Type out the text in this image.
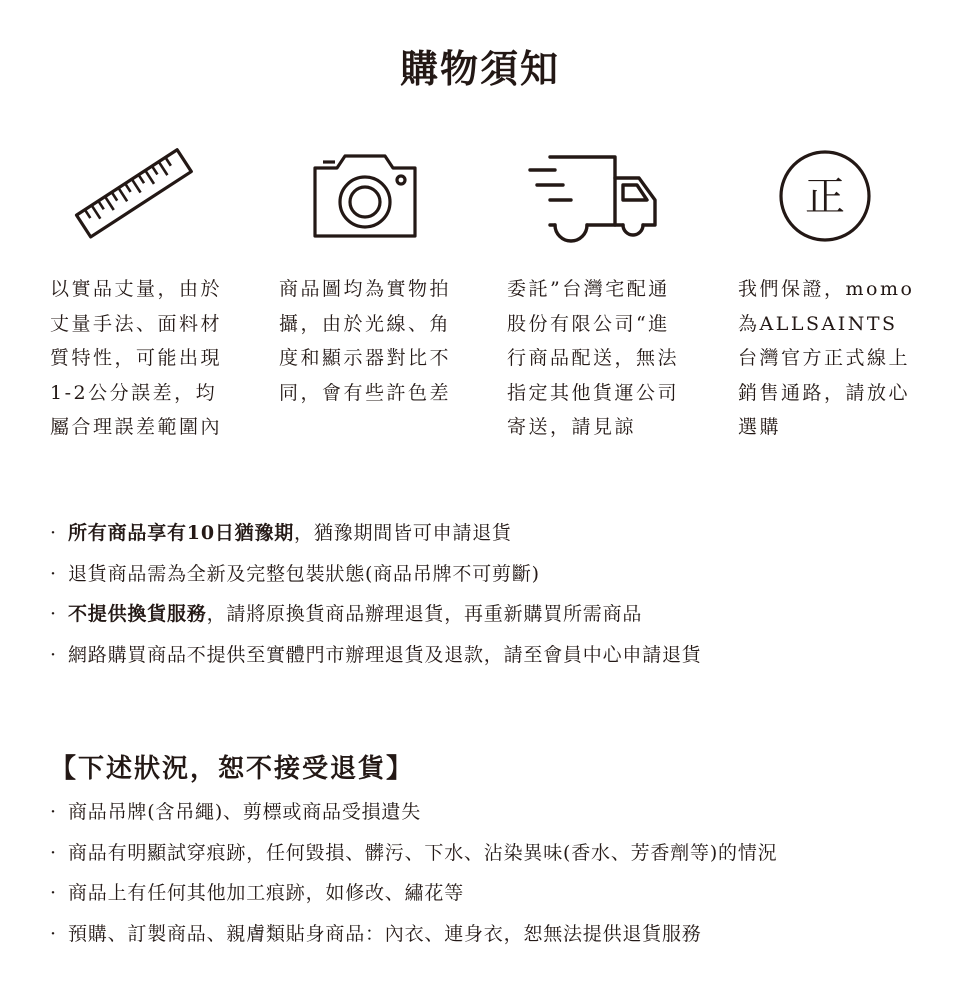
購物須知
正

以實品丈量，由於

丈量手法、面料材

質特性，可能出現

1-2公分誤差，均

屬合理誤差範圍內

商品圖均為實物拍

攝，由於光線、角

度和顯示器對比不

同，會有些許色差

委託”台灣宅配通

股份有限公司“進

行商品配送，無法

指定其他貨運公司

寄送，請見諒

我們保證，momo

為ALLSAINTS

台灣官方正式線上

銷售通路，請放心

選購

· 所有商品享有10日猶豫期，猶豫期間皆可申請退貨
· 退貨商品需為全新及完整包裝狀態(商品吊牌不可剪斷)
· 不提供換貨服務，請將原換貨商品辦理退貨，再重新購買所需商品
· 網路購買商品不提供至實體門市辦理退貨及退款，請至會員中心申請退貨
【下述狀況，恕不接受退貨】
· 商品吊牌(含吊繩)、剪標或商品受損遺失
· 商品有明顯試穿痕跡，任何毀損、髒污、下水、沾染異味(香水、芳香劑等)的情況
· 商品上有任何其他加工痕跡，如修改、繡花等
· 預購、訂製商品、親膚類貼身商品：內衣、連身衣，恕無法提供退貨服務
